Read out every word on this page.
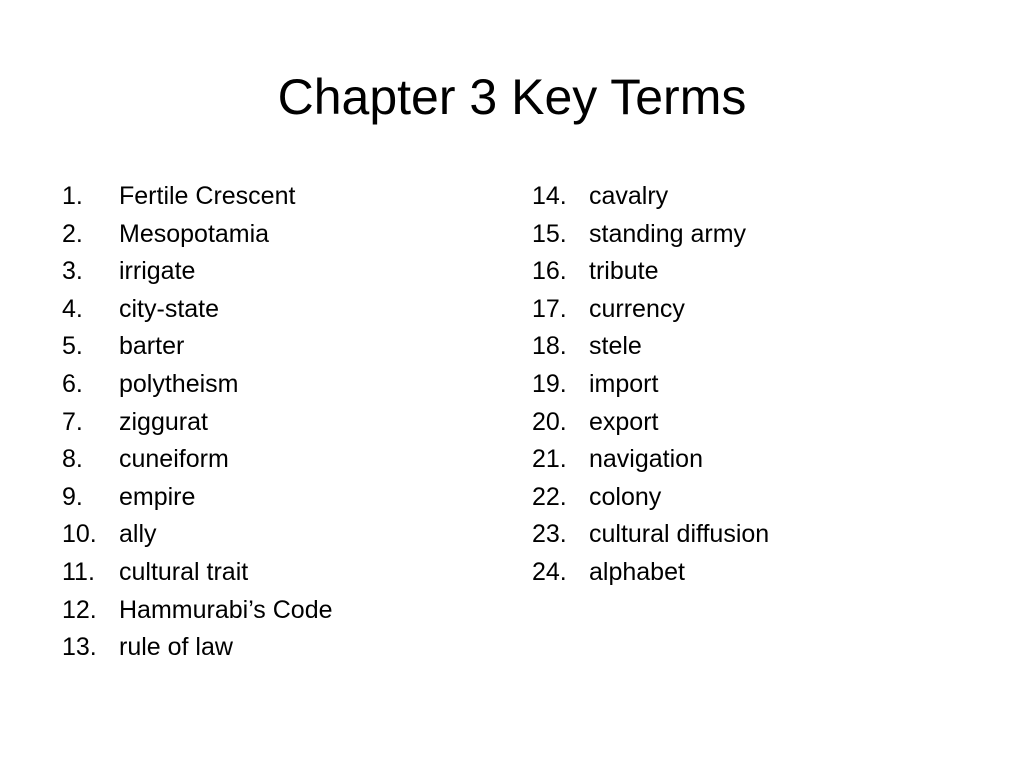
Chapter 3 Key Terms
1.	Fertile Crescent
2.	Mesopotamia
3.	irrigate
4.	city-state
5.	barter
6.	polytheism
7.	ziggurat
8.	cuneiform
9.	empire
10. ally
11. cultural trait
12. Hammurabi’s Code
13. rule of law
14. cavalry
15. standing army
16. tribute
17. currency
18. stele
19. import
20. export
21. navigation
22. colony
23. cultural diffusion
24. alphabet
